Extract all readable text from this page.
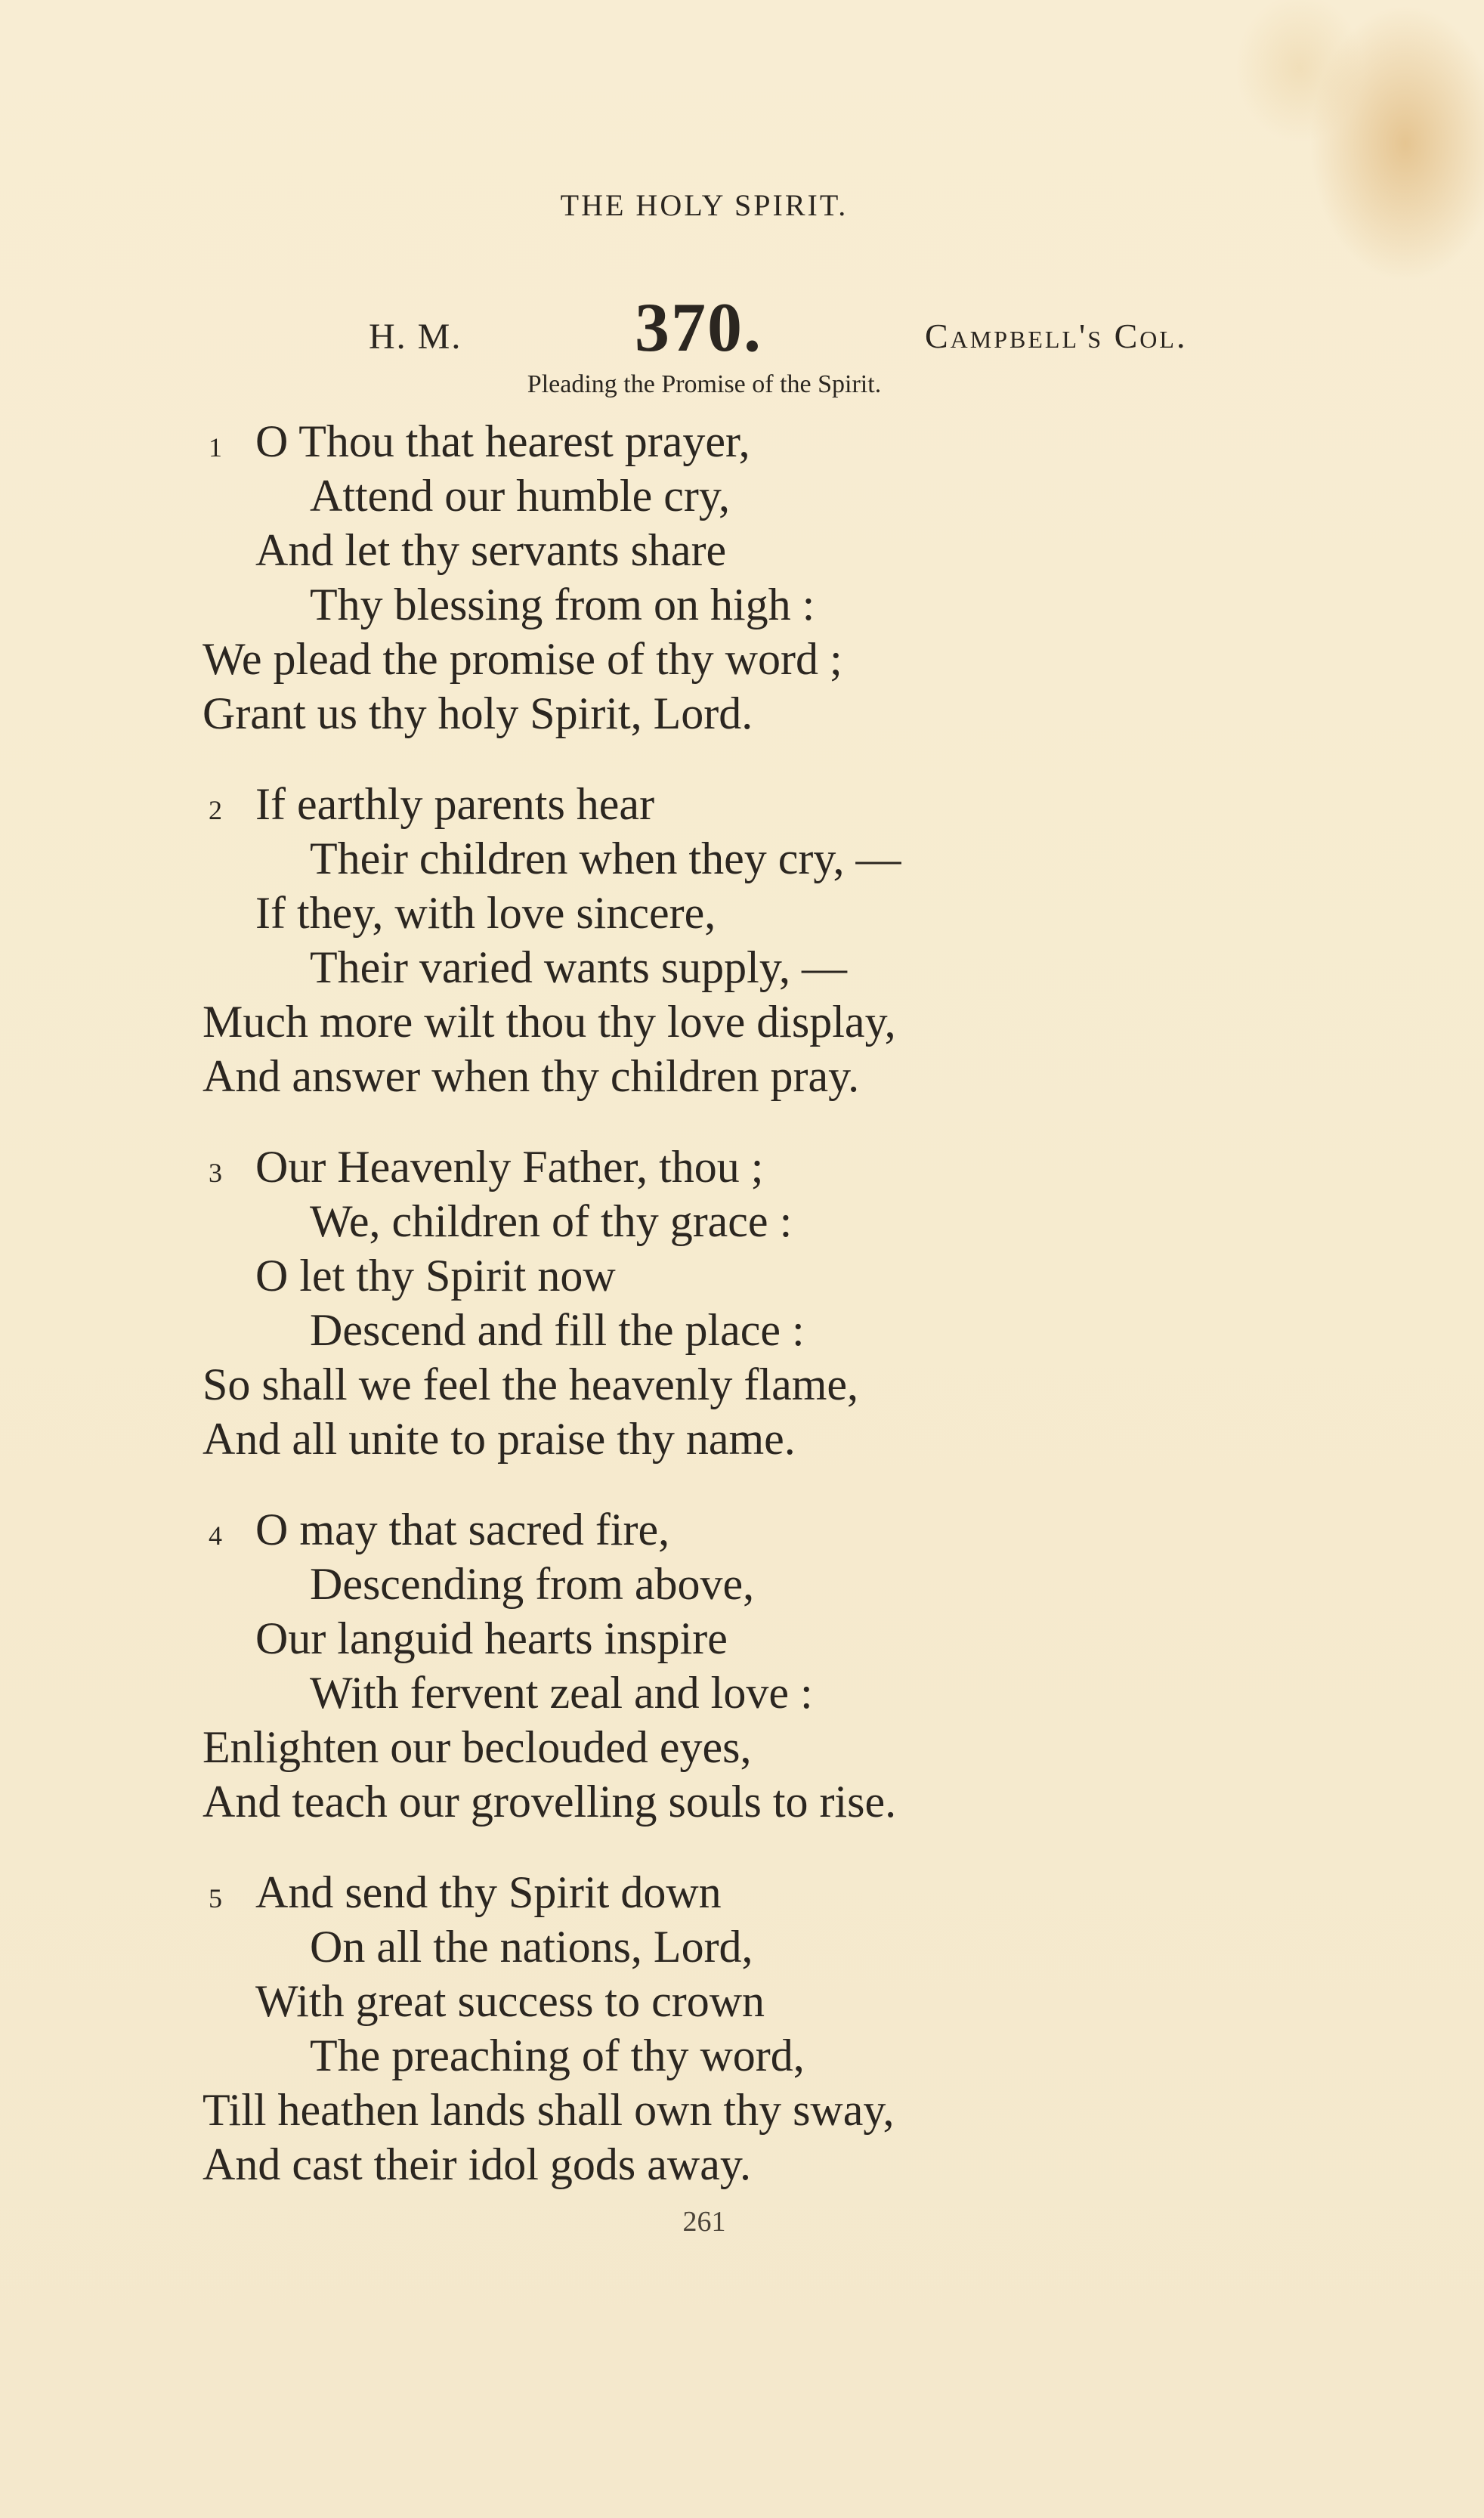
THE HOLY SPIRIT.
H. M. 370.	Campbell's Col.
Pleading the Promise of the Spirit.
1 O Thou that hearest prayer,
Attend our humble cry,
And let thy servants share
Thy blessing from on high :
We plead the promise of thy word ;
Grant us thy holy Spirit, Lord.
2 If earthly parents hear
Their children when they cry, —
If they, with love sincere,
Their varied wants supply, —
Much more wilt thou thy love display,
And answer when thy children pray.
3 Our Heavenly Father, thou ;
We, children of thy grace :
O let thy Spirit now
Descend and fill the place :
So shall we feel the heavenly flame,
And all unite to praise thy name.
4 O may that sacred fire,
Descending from above,
Our languid hearts inspire
With fervent zeal and love :
Enlighten our beclouded eyes,
And teach our grovelling souls to rise.
5 And send thy Spirit down
On all the nations, Lord,
With great success to crown
The preaching of thy word,
Till heathen lands shall own thy sway,
And cast their idol gods away.
261
